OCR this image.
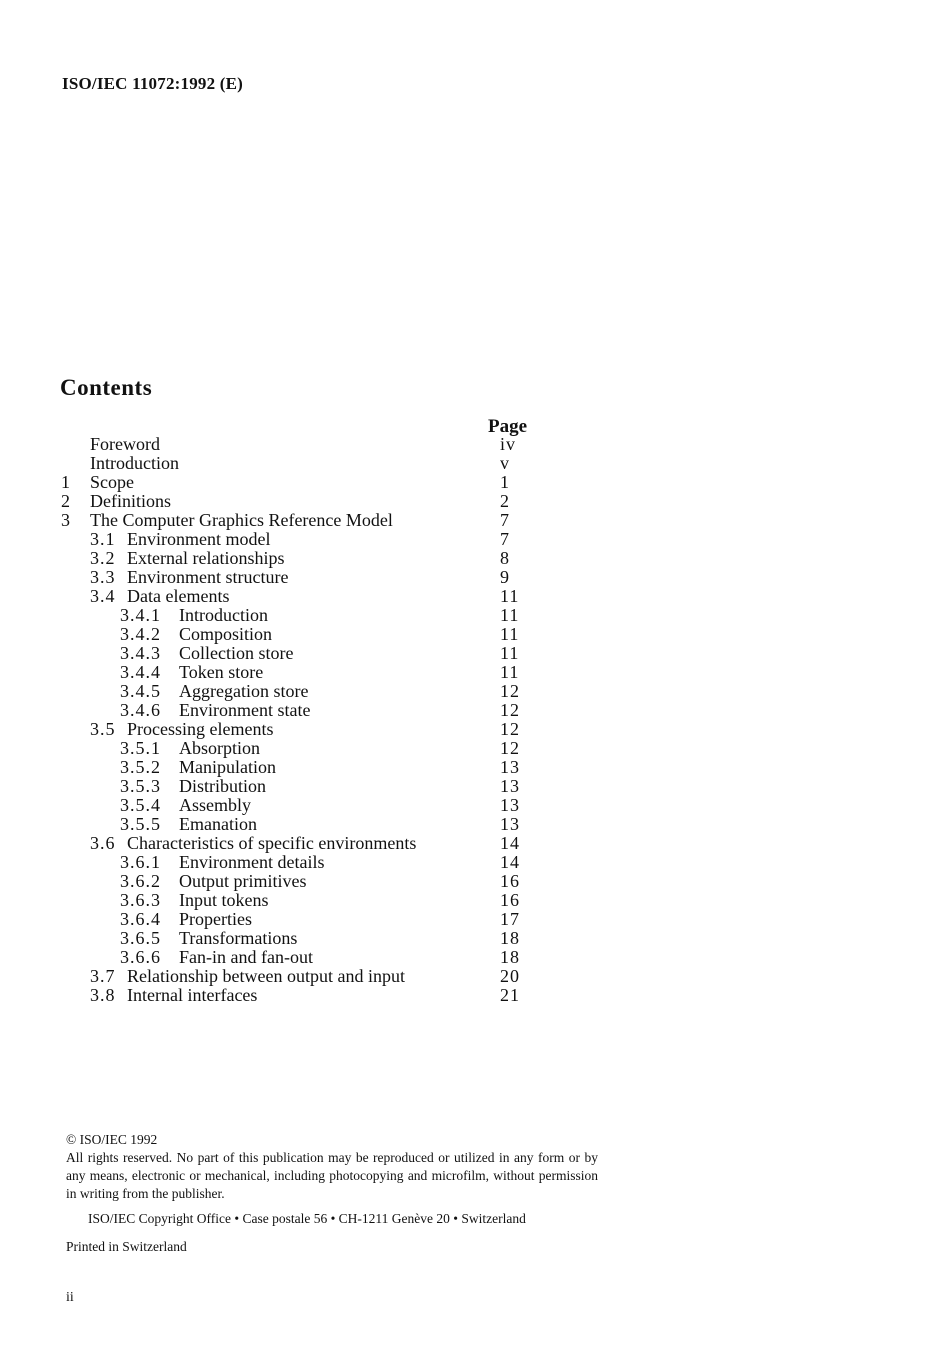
ISO/IEC 11072:1992 (E)
Contents
Page
Foreword	iv
Introduction	v
1 Scope	1
2 Definitions	2
3 The Computer Graphics Reference Model	7
3.1 Environment model	7
3.2 External relationships	8
3.3 Environment structure	9
3.4 Data elements	11
3.4.1 Introduction	11
3.4.2 Composition	11
3.4.3 Collection store	11
3.4.4 Token store	11
3.4.5 Aggregation store	12
3.4.6 Environment state	12
3.5 Processing elements	12
3.5.1 Absorption	12
3.5.2 Manipulation	13
3.5.3 Distribution	13
3.5.4 Assembly	13
3.5.5 Emanation	13
3.6 Characteristics of specific environments	14
3.6.1 Environment details	14
3.6.2 Output primitives	16
3.6.3 Input tokens	16
3.6.4 Properties	17
3.6.5 Transformations	18
3.6.6 Fan-in and fan-out	18
3.7 Relationship between output and input	20
3.8 Internal interfaces	21

© ISO/IEC 1992

All rights reserved. No part of this publication may be reproduced or utilized in any form or by any means, electronic or mechanical, including photocopying and microfilm, without permission in writing from the publisher.

ISO/IEC Copyright Office • Case postale 56 • CH-1211 Genève 20 • Switzerland
Printed in Switzerland
ii
